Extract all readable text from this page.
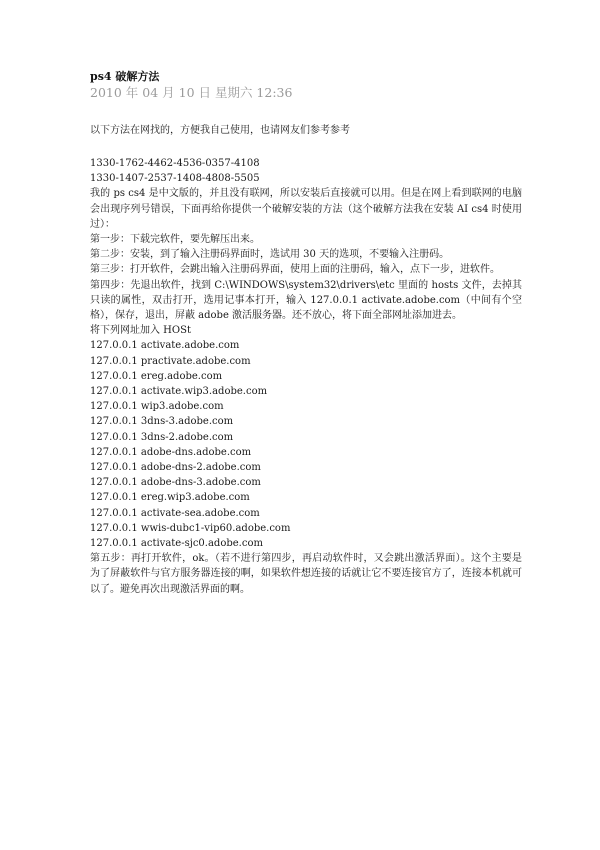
ps4 破解方法
2010 年 04 月 10 日 星期六 12:36

以下方法在网找的，方便我自己使用，也请网友们参考参考

1330-1762-4462-4536-0357-4108
1330-1407-2537-1408-4808-5505

我的 ps cs4 是中文版的，并且没有联网，所以安装后直接就可以用。但是在网上看到联网的电脑会出现序列号错误，下面再给你提供一个破解安装的方法（这个破解方法我在安装 AI cs4 时使用过）：

第一步：下载完软件，要先解压出来。

第二步：安装，到了输入注册码界面时，选试用 30 天的选项，不要输入注册码。

第三步：打开软件，会跳出输入注册码界面，使用上面的注册码，输入，点下一步，进软件。

第四步：先退出软件，找到 C:\WINDOWS\system32\drivers\etc 里面的 hosts 文件，去掉其只读的属性，双击打开，选用记事本打开，输入 127.0.0.1 activate.adobe.com（中间有个空格），保存，退出，屏蔽 adobe 激活服务器。还不放心，将下面全部网址添加进去。

将下列网址加入 HOSt
127.0.0.1 activate.adobe.com
127.0.0.1 practivate.adobe.com
127.0.0.1 ereg.adobe.com
127.0.0.1 activate.wip3.adobe.com
127.0.0.1 wip3.adobe.com
127.0.0.1 3dns-3.adobe.com
127.0.0.1 3dns-2.adobe.com
127.0.0.1 adobe-dns.adobe.com
127.0.0.1 adobe-dns-2.adobe.com
127.0.0.1 adobe-dns-3.adobe.com
127.0.0.1 ereg.wip3.adobe.com
127.0.0.1 activate-sea.adobe.com
127.0.0.1 wwis-dubc1-vip60.adobe.com
127.0.0.1 activate-sjc0.adobe.com

第五步：再打开软件，ok。（若不进行第四步，再启动软件时，又会跳出激活界面）。这个主要是为了屏蔽软件与官方服务器连接的啊，如果软件想连接的话就让它不要连接官方了，连接本机就可以了。避免再次出现激活界面的啊。
